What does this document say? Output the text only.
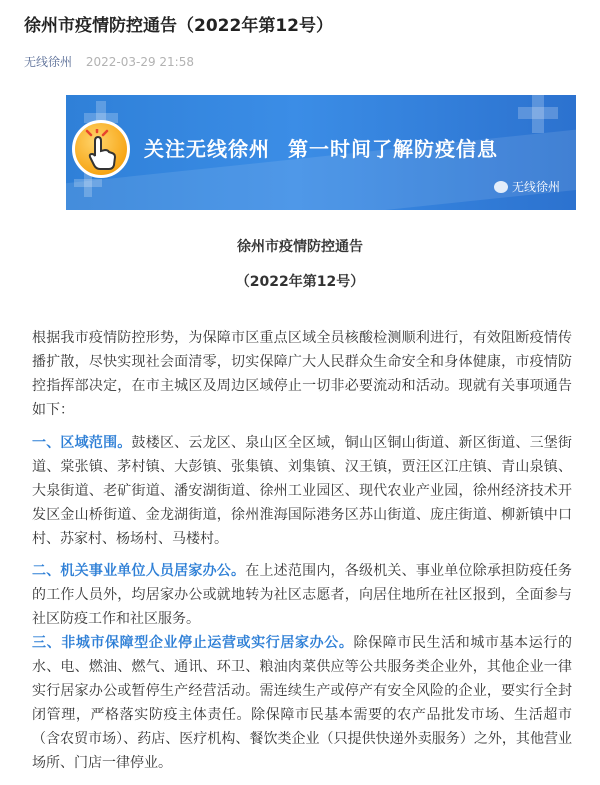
徐州市疫情防控通告（2022年第12号）
无线徐州 2022-03-29 21:58
关注无线徐州 第一时间了解防疫信息
无线徐州

徐州市疫情防控通告

（2022年第12号）

根据我市疫情防控形势，为保障市区重点区域全员核酸检测顺利进行，有效阻断疫情传播扩散，尽快实现社会面清零，切实保障广大人民群众生命安全和身体健康，市疫情防控指挥部决定，在市主城区及周边区域停止一切非必要流动和活动。现就有关事项通告如下：

一、区域范围。鼓楼区、云龙区、泉山区全区域，铜山区铜山街道、新区街道、三堡街道、棠张镇、茅村镇、大彭镇、张集镇、刘集镇、汉王镇，贾汪区江庄镇、青山泉镇、大泉街道、老矿街道、潘安湖街道、徐州工业园区、现代农业产业园，徐州经济技术开发区金山桥街道、金龙湖街道，徐州淮海国际港务区苏山街道、庞庄街道、柳新镇中口村、苏家村、杨场村、马楼村。

二、机关事业单位人员居家办公。在上述范围内，各级机关、事业单位除承担防疫任务的工作人员外，均居家办公或就地转为社区志愿者，向居住地所在社区报到，全面参与社区防疫工作和社区服务。

三、非城市保障型企业停止运营或实行居家办公。除保障市民生活和城市基本运行的水、电、燃油、燃气、通讯、环卫、粮油肉菜供应等公共服务类企业外，其他企业一律实行居家办公或暂停生产经营活动。需连续生产或停产有安全风险的企业，要实行全封闭管理，严格落实防疫主体责任。除保障市民基本需要的农产品批发市场、生活超市（含农贸市场）、药店、医疗机构、餐饮类企业（只提供快递外卖服务）之外，其他营业场所、门店一律停业。
